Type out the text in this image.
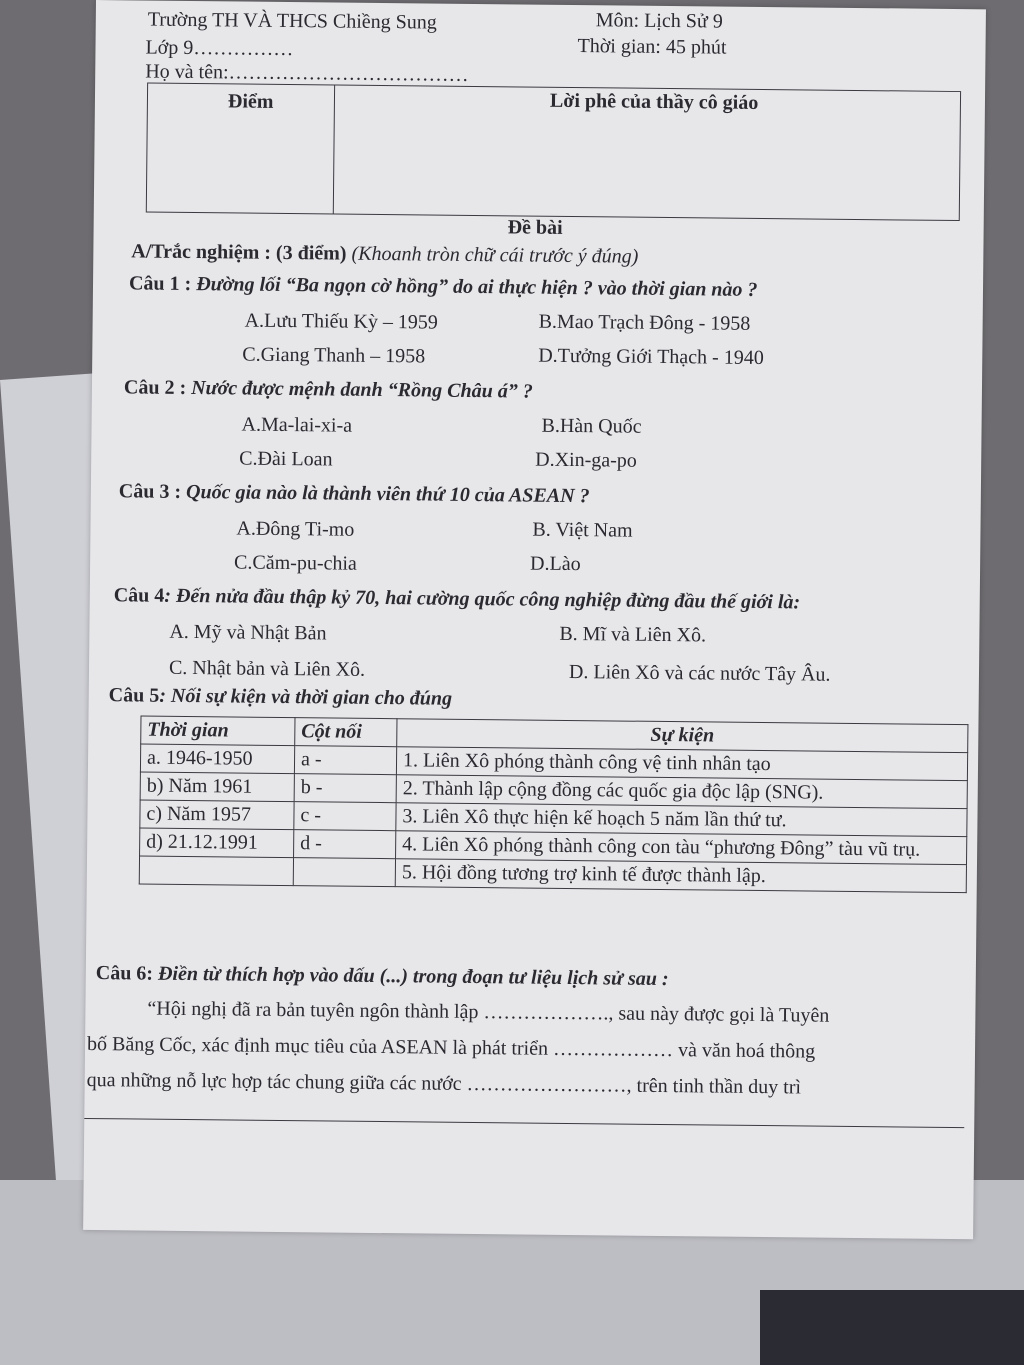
Trường TH VÀ THCS Chiềng Sung	Môn: Lịch Sử 9
Lớp 9……………	Thời gian: 45 phút
Họ và tên:………………………………
Điểm	Lời phê của thầy cô giáo
Đề bài
A/Trắc nghiệm : (3 điểm) (Khoanh tròn chữ cái trước ý đúng)
Câu 1 : Đường lối “Ba ngọn cờ hồng” do ai thực hiện ? vào thời gian nào ?
A.Lưu Thiếu Kỳ – 1959	B.Mao Trạch Đông - 1958
C.Giang Thanh – 1958	D.Tưởng Giới Thạch - 1940
Câu 2 : Nước được mệnh danh “Rồng Châu á” ?
A.Ma-lai-xi-a	B.Hàn Quốc
C.Đài Loan	D.Xin-ga-po
Câu 3 : Quốc gia nào là thành viên thứ 10 của ASEAN ?
A.Đông Ti-mo	B. Việt Nam
C.Căm-pu-chia	D.Lào
Câu 4: Đến nửa đầu thập kỷ 70, hai cường quốc công nghiệp đừng đầu thế giới là:
A. Mỹ và Nhật Bản	B. Mĩ và Liên Xô.
C. Nhật bản và Liên Xô.	D. Liên Xô và các nước Tây Âu.
Câu 5: Nối sự kiện và thời gian cho đúng
Thời gian	Cột nối	Sự kiện
a. 1946-1950	a -	1. Liên Xô phóng thành công vệ tinh nhân tạo
b) Năm 1961	b -	2. Thành lập cộng đồng các quốc gia độc lập (SNG).
c) Năm 1957	c -	3. Liên Xô thực hiện kế hoạch 5 năm lần thứ tư.
d) 21.12.1991	d -	4. Liên Xô phóng thành công con tàu “phương Đông” tàu vũ trụ.
		5. Hội đồng tương trợ kinh tế được thành lập.
Câu 6: Điền từ thích hợp vào dấu (...) trong đoạn tư liệu lịch sử sau :
“Hội nghị đã ra bản tuyên ngôn thành lập ………………., sau này được gọi là Tuyên
bố Băng Cốc, xác định mục tiêu của ASEAN là phát triển ……………… và văn hoá thông
qua những nỗ lực hợp tác chung giữa các nước ……………………, trên tinh thần duy trì
